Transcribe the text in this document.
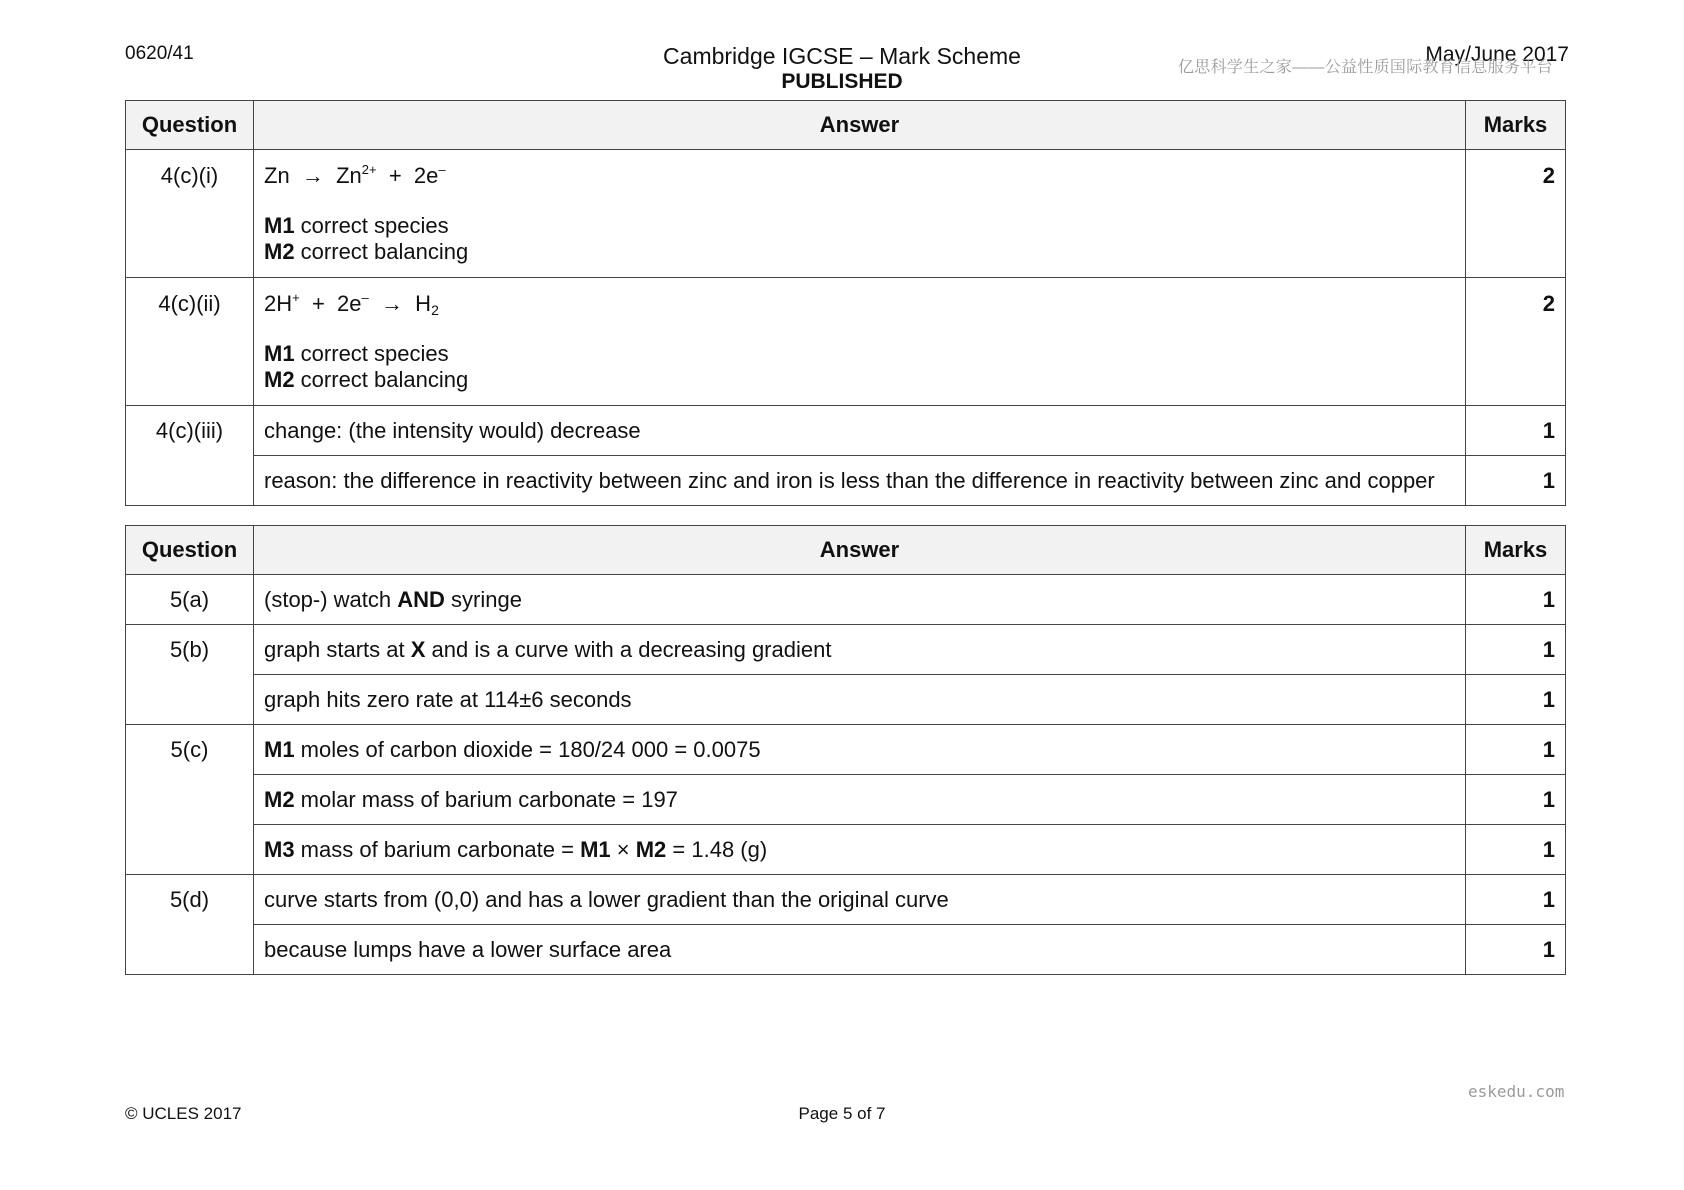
0620/41	Cambridge IGCSE – Mark Scheme
PUBLISHED
May/June 2017
亿思科学生之家——公益性质国际教育信息服务平台
Question	Answer	Marks
4(c)(i)	$Zn \to Zn^{2+} + 2e^-$
M1 correct species
M2 correct balancing	2
4(c)(ii)	$2H^+ + 2e^- \to H_2$
M1 correct species
M2 correct balancing	2
4(c)(iii)	change: (the intensity would) decrease	1
	reason: the difference in reactivity between zinc and iron is less than the difference in reactivity between zinc and copper	1
Question	Answer	Marks
5(a)	(stop-) watch AND syringe	1
5(b)	graph starts at X and is a curve with a decreasing gradient	1
	graph hits zero rate at 114±6 seconds	1
5(c)	M1 moles of carbon dioxide = 180/24 000 = 0.0075	1
	M2 molar mass of barium carbonate = 197	1
	M3 mass of barium carbonate = M1 × M2 = 1.48 (g)	1
5(d)	curve starts from (0,0) and has a lower gradient than the original curve	1
	because lumps have a lower surface area	1
eskedu.com
© UCLES 2017	Page 5 of 7
